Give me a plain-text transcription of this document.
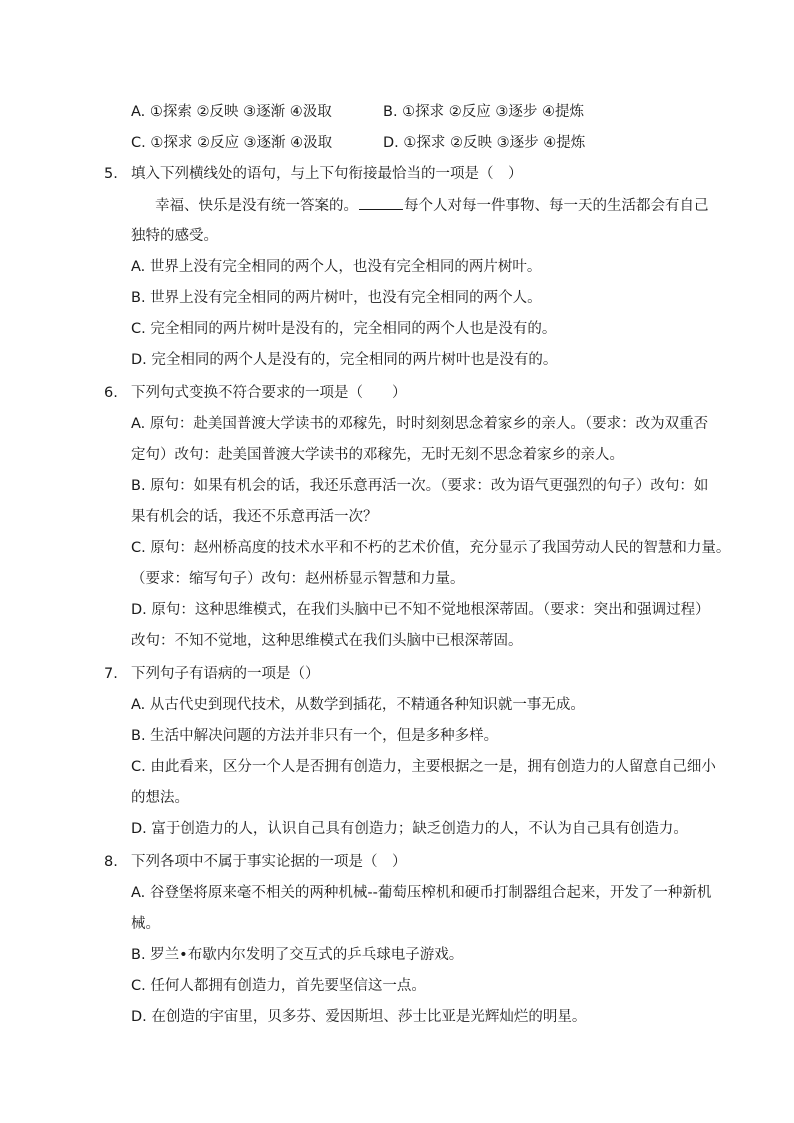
A. ①探索 ②反映 ③逐渐 ④汲取	B. ①探求 ②反应 ③逐步 ④提炼
C. ①探求 ②反应 ③逐渐 ④汲取	D. ①探求 ②反映 ③逐步 ④提炼
5. 填入下列横线处的语句，与上下句衔接最恰当的一项是（　）
幸福、快乐是没有统一答案的。	每个人对每一件事物、每一天的生活都会有自己
独特的感受。
A. 世界上没有完全相同的两个人，也没有完全相同的两片树叶。
B. 世界上没有完全相同的两片树叶，也没有完全相同的两个人。
C. 完全相同的两片树叶是没有的，完全相同的两个人也是没有的。
D. 完全相同的两个人是没有的，完全相同的两片树叶也是没有的。
6. 下列句式变换不符合要求的一项是（　　）
A. 原句：赴美国普渡大学读书的邓稼先，时时刻刻思念着家乡的亲人。（要求：改为双重否
定句）改句：赴美国普渡大学读书的邓稼先，无时无刻不思念着家乡的亲人。
B. 原句：如果有机会的话，我还乐意再活一次。（要求：改为语气更强烈的句子）改句：如
果有机会的话，我还不乐意再活一次？
C. 原句：赵州桥高度的技术水平和不朽的艺术价值，充分显示了我国劳动人民的智慧和力量。
（要求：缩写句子）改句：赵州桥显示智慧和力量。
D. 原句：这种思维模式，在我们头脑中已不知不觉地根深蒂固。（要求：突出和强调过程）
改句：不知不觉地，这种思维模式在我们头脑中已根深蒂固。
7. 下列句子有语病的一项是（）
A. 从古代史到现代技术，从数学到插花，不精通各种知识就一事无成。
B. 生活中解决问题的方法并非只有一个，但是多种多样。
C. 由此看来，区分一个人是否拥有创造力，主要根据之一是，拥有创造力的人留意自己细小
的想法。
D. 富于创造力的人，认识自己具有创造力；缺乏创造力的人，不认为自己具有创造力。
8. 下列各项中不属于事实论据的一项是（　）
A. 谷登堡将原来毫不相关的两种机械--葡萄压榨机和硬币打制器组合起来，开发了一种新机
械。
B. 罗兰•布歇内尔发明了交互式的乒乓球电子游戏。
C. 任何人都拥有创造力，首先要坚信这一点。
D. 在创造的宇宙里，贝多芬、爱因斯坦、莎士比亚是光辉灿烂的明星。
